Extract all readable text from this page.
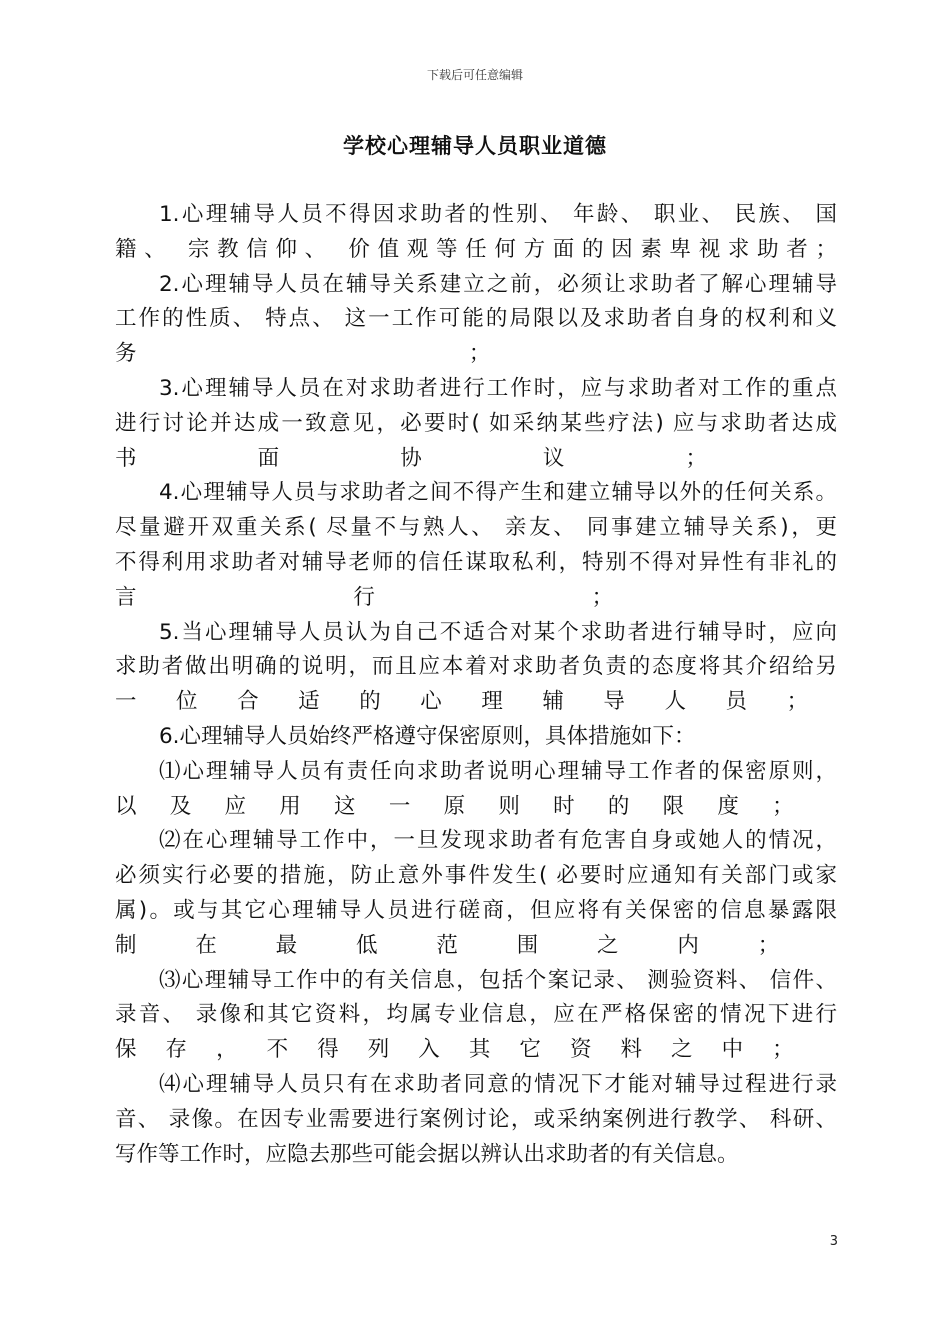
下载后可任意编辑
学校心理辅导人员职业道德
1.心理辅导人员不得因求助者的性别、 年龄、 职业、 民族、 国
籍、 宗教信仰、 价值观等任何方面的因素卑视求助者；
2.心理辅导人员在辅导关系建立之前，必须让求助者了解心理辅导
工作的性质、 特点、 这一工作可能的局限以及求助者自身的权利和义
务 ；
3.心理辅导人员在对求助者进行工作时，应与求助者对工作的重点
进行讨论并达成一致意见，必要时( 如采纳某些疗法) 应与求助者达成
书 面 协 议 ；
4.心理辅导人员与求助者之间不得产生和建立辅导以外的任何关系。
尽量避开双重关系( 尽量不与熟人、 亲友、 同事建立辅导关系)，更
不得利用求助者对辅导老师的信任谋取私利，特别不得对异性有非礼的
言 行 ；
5.当心理辅导人员认为自己不适合对某个求助者进行辅导时，应向
求助者做出明确的说明，而且应本着对求助者负责的态度将其介绍给另
一 位 合 适 的 心 理 辅 导 人 员 ；
6.心理辅导人员始终严格遵守保密原则，具体措施如下：
⑴心理辅导人员有责任向求助者说明心理辅导工作者的保密原则，
以 及 应 用 这 一 原 则 时 的 限 度 ；
⑵在心理辅导工作中，一旦发现求助者有危害自身或她人的情况，
必须实行必要的措施，防止意外事件发生( 必要时应通知有关部门或家
属)。或与其它心理辅导人员进行磋商，但应将有关保密的信息暴露限
制 在 最 低 范 围 之 内 ；
⑶心理辅导工作中的有关信息，包括个案记录、 测验资料、 信件、
录音、 录像和其它资料，均属专业信息，应在严格保密的情况下进行
保 存 ， 不 得 列 入 其 它 资 料 之 中 ；
⑷心理辅导人员只有在求助者同意的情况下才能对辅导过程进行录
音、 录像。在因专业需要进行案例讨论，或采纳案例进行教学、 科研、
写作等工作时，应隐去那些可能会据以辨认出求助者的有关信息。
3
